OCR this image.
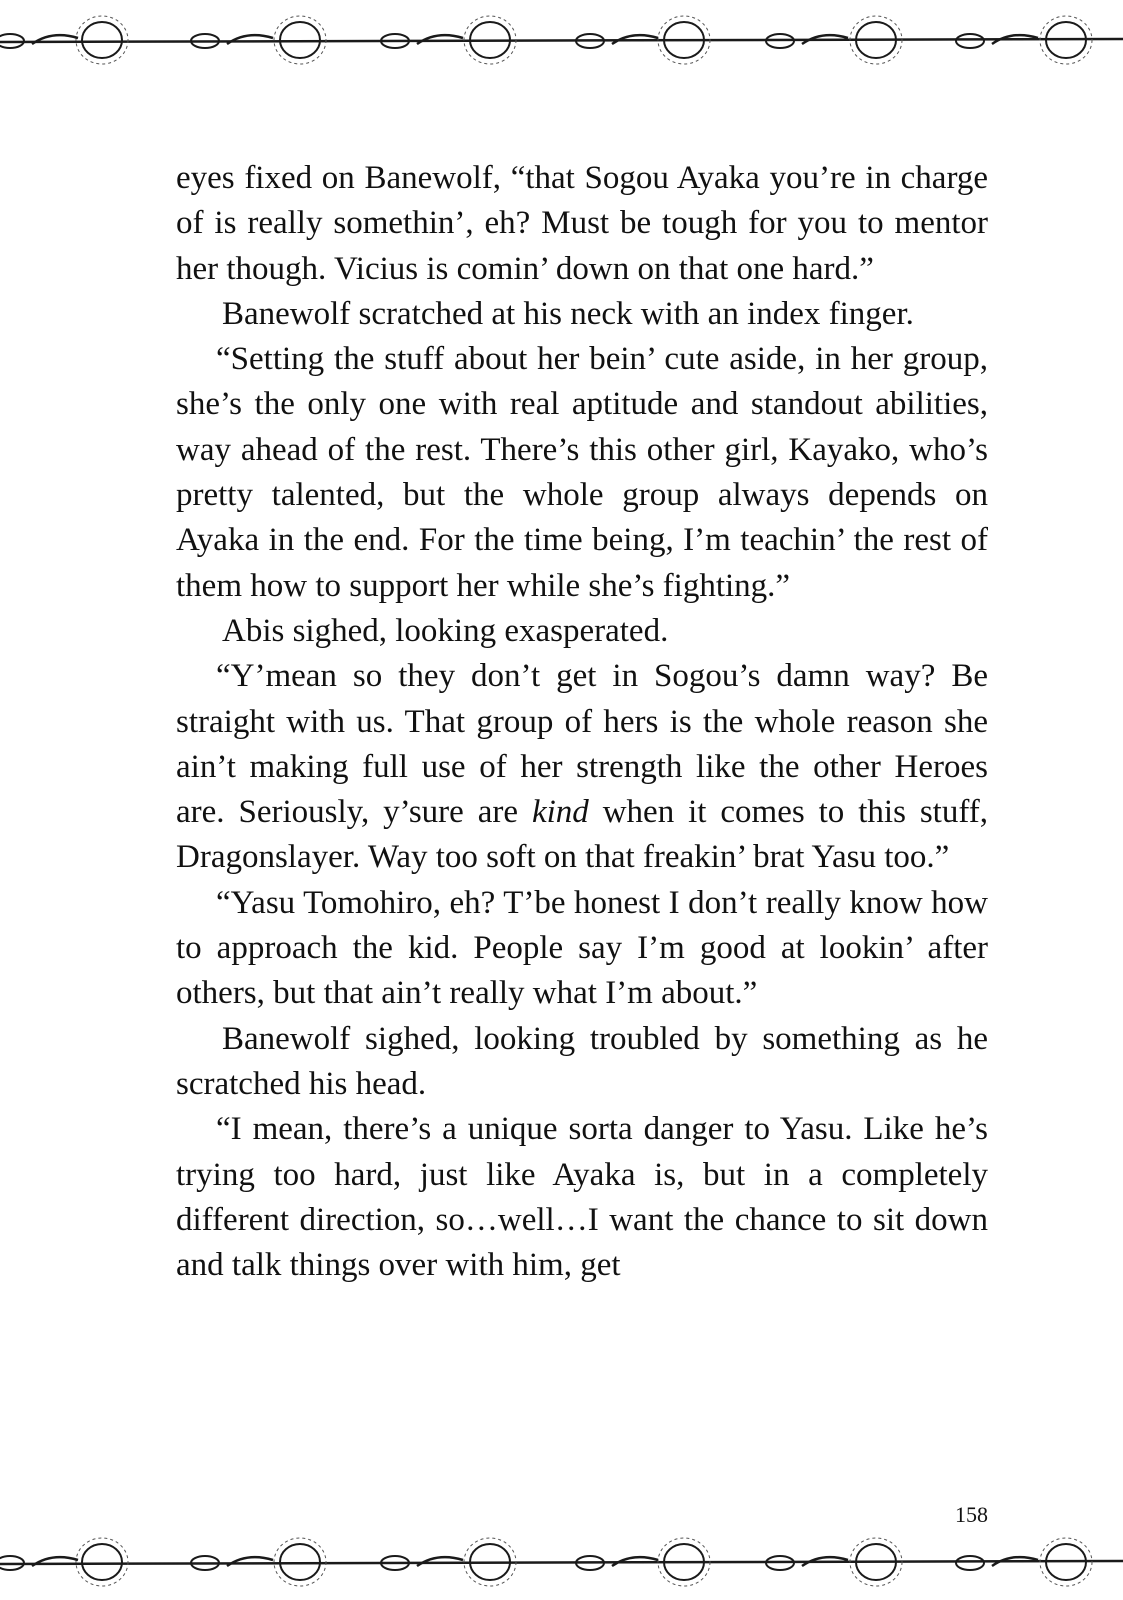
eyes fixed on Banewolf, “that Sogou Ayaka you’re in charge of is really somethin’, eh? Must be tough for you to mentor her though. Vicius is comin’ down on that one hard.”

Banewolf scratched at his neck with an index finger.

“Setting the stuff about her bein’ cute aside, in her group, she’s the only one with real aptitude and standout abilities, way ahead of the rest. There’s this other girl, Kayako, who’s pretty talented, but the whole group always depends on Ayaka in the end. For the time being, I’m teachin’ the rest of them how to support her while she’s fighting.”

Abis sighed, looking exasperated.

“Y’mean so they don’t get in Sogou’s damn way? Be straight with us. That group of hers is the whole reason she ain’t making full use of her strength like the other Heroes are. Seriously, y’sure are kind when it comes to this stuff, Dragonslayer. Way too soft on that freakin’ brat Yasu too.”

“Yasu Tomohiro, eh? T’be honest I don’t really know how to approach the kid. People say I’m good at lookin’ after others, but that ain’t really what I’m about.”

Banewolf sighed, looking troubled by something as he scratched his head.

“I mean, there’s a unique sorta danger to Yasu. Like he’s trying too hard, just like Ayaka is, but in a completely different direction, so…well…I want the chance to sit down and talk things over with him, get

158
